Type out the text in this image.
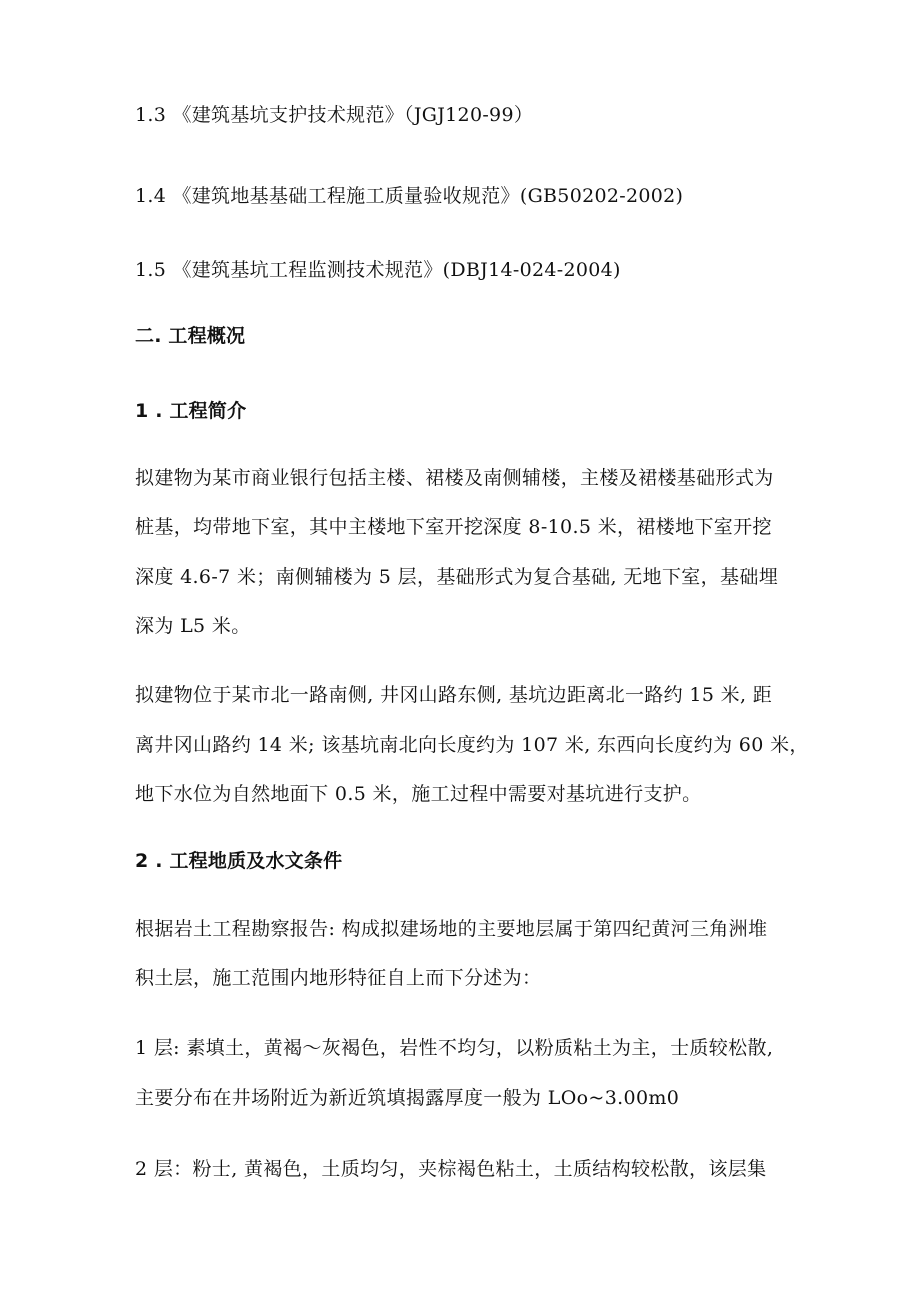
1.3 《建筑基坑支护技术规范》（JGJ120-99）
1.4 《建筑地基基础工程施工质量验收规范》(GB50202-2002)
1.5 《建筑基坑工程监测技术规范》(DBJ14-024-2004)
二. 工程概况
1 . 工程简介
拟建物为某市商业银行包括主楼、裙楼及南侧辅楼，主楼及裙楼基础形式为
桩基，均带地下室，其中主楼地下室开挖深度 8-10.5 米，裙楼地下室开挖
深度 4.6-7 米；南侧辅楼为 5 层，基础形式为复合基础, 无地下室，基础埋
深为 L5 米。
拟建物位于某市北一路南侧, 井冈山路东侧, 基坑边距离北一路约 15 米, 距
离井冈山路约 14 米; 该基坑南北向长度约为 107 米, 东西向长度约为 60 米，
地下水位为自然地面下 0.5 米，施工过程中需要对基坑进行支护。
2 . 工程地质及水文条件
根据岩土工程勘察报告: 构成拟建场地的主要地层属于第四纪黄河三角洲堆
积土层，施工范围内地形特征自上而下分述为：
1 层: 素填土，黄褐～灰褐色，岩性不均匀，以粉质粘土为主，士质较松散,
主要分布在井场附近为新近筑填揭露厚度一般为 LOo~3.00m0
2 层：粉士, 黄褐色，土质均匀，夹棕褐色粘土，土质结构较松散，该层集
